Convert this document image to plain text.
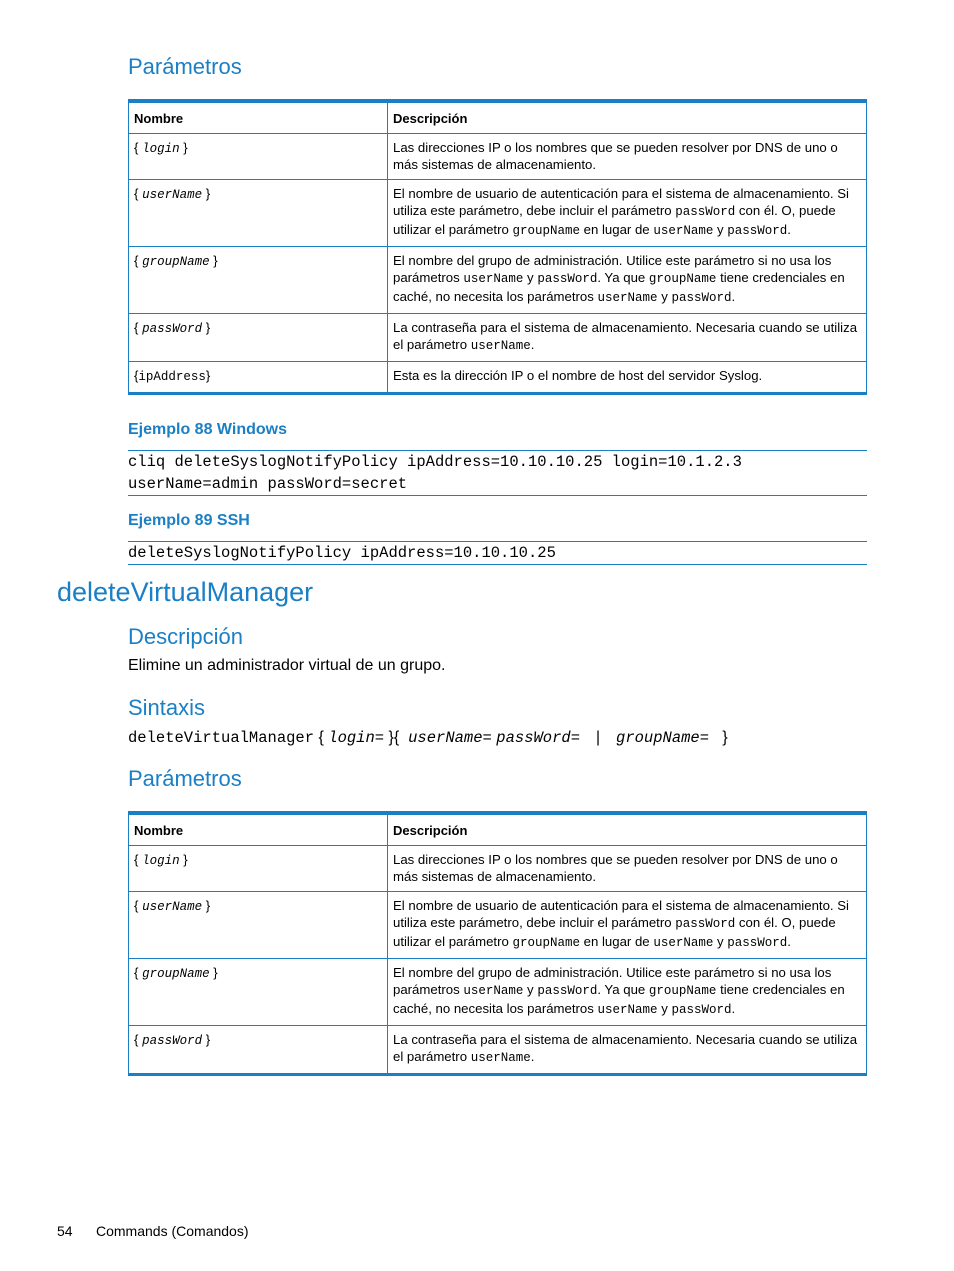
Parámetros
Nombre	Descripción
{ login }	Las direcciones IP o los nombres que se pueden resolver por DNS de uno o más sistemas de almacenamiento.
{ userName }	El nombre de usuario de autenticación para el sistema de almacenamiento. Si utiliza este parámetro, debe incluir el parámetro passWord con él. O, puede utilizar el parámetro groupName en lugar de userName y passWord.
{ groupName }	El nombre del grupo de administración. Utilice este parámetro si no usa los parámetros userName y passWord. Ya que groupName tiene credenciales en caché, no necesita los parámetros userName y passWord.
{ passWord }	La contraseña para el sistema de almacenamiento. Necesaria cuando se utiliza el parámetro userName.
{ipAddress}	Esta es la dirección IP o el nombre de host del servidor Syslog.
Ejemplo 88 Windows
cliq deleteSyslogNotifyPolicy ipAddress=10.10.10.25 login=10.1.2.3
userName=admin passWord=secret
Ejemplo 89 SSH
deleteSyslogNotifyPolicy ipAddress=10.10.10.25
deleteVirtualManager
Descripción
Elimine un administrador virtual de un grupo.
Sintaxis
deleteVirtualManager { login= }{ userName= passWord= | groupName= }
Parámetros
Nombre	Descripción
{ login }	Las direcciones IP o los nombres que se pueden resolver por DNS de uno o más sistemas de almacenamiento.
{ userName }	El nombre de usuario de autenticación para el sistema de almacenamiento. Si utiliza este parámetro, debe incluir el parámetro passWord con él. O, puede utilizar el parámetro groupName en lugar de userName y passWord.
{ groupName }	El nombre del grupo de administración. Utilice este parámetro si no usa los parámetros userName y passWord. Ya que groupName tiene credenciales en caché, no necesita los parámetros userName y passWord.
{ passWord }	La contraseña para el sistema de almacenamiento. Necesaria cuando se utiliza el parámetro userName.
54 Commands (Comandos)
